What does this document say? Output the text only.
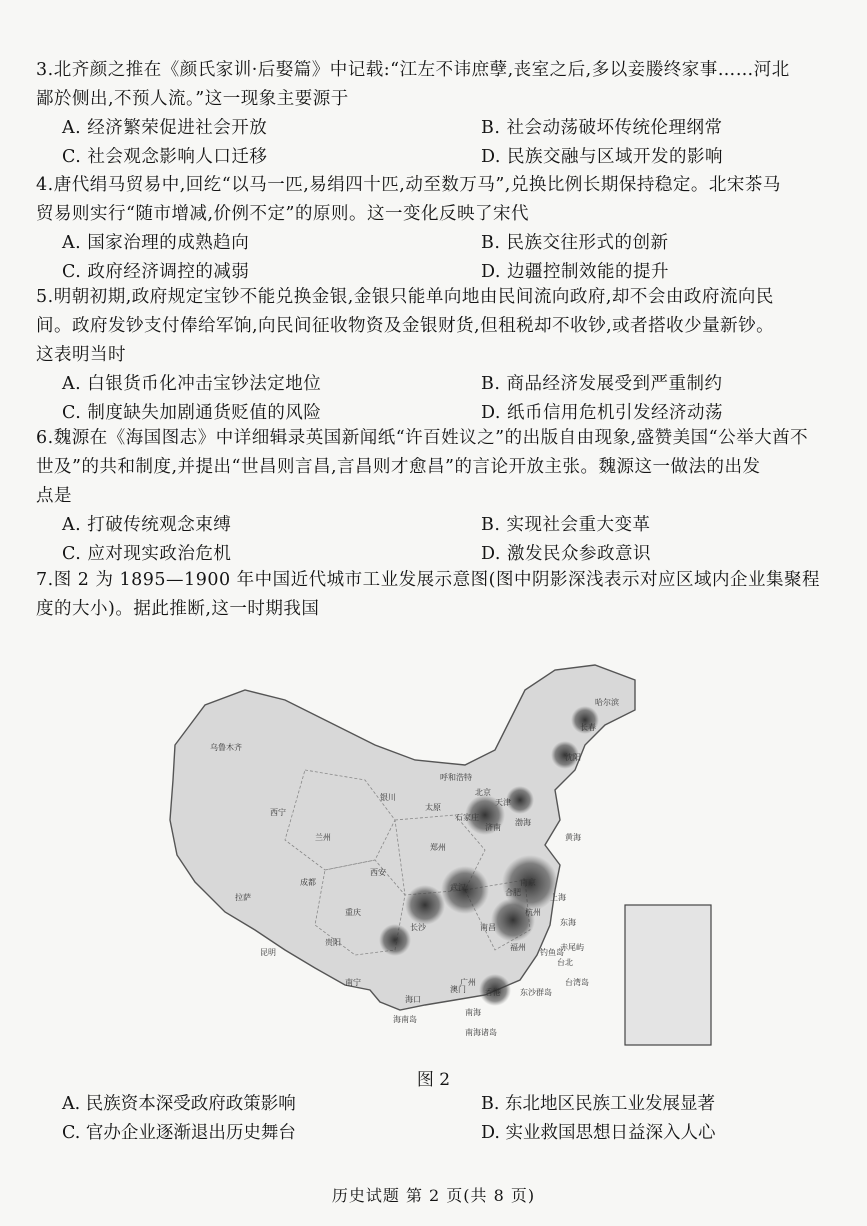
3.北齐颜之推在《颜氏家训·后娶篇》中记载:“江左不讳庶孽,丧室之后,多以妾媵终家事……河北
鄙於侧出,不预人流。”这一现象主要源于
A. 经济繁荣促进社会开放	B. 社会动荡破坏传统伦理纲常
C. 社会观念影响人口迁移	D. 民族交融与区域开发的影响
4.唐代绢马贸易中,回纥“以马一匹,易绢四十匹,动至数万马”,兑换比例长期保持稳定。北宋茶马
贸易则实行“随市增减,价例不定”的原则。这一变化反映了宋代
A. 国家治理的成熟趋向	B. 民族交往形式的创新
C. 政府经济调控的减弱	D. 边疆控制效能的提升
5.明朝初期,政府规定宝钞不能兑换金银,金银只能单向地由民间流向政府,却不会由政府流向民
间。政府发钞支付俸给军饷,向民间征收物资及金银财货,但租税却不收钞,或者搭收少量新钞。
这表明当时
A. 白银货币化冲击宝钞法定地位	B. 商品经济发展受到严重制约
C. 制度缺失加剧通货贬值的风险	D. 纸币信用危机引发经济动荡
6.魏源在《海国图志》中详细辑录英国新闻纸“许百姓议之”的出版自由现象,盛赞美国“公举大酋不
世及”的共和制度,并提出“世昌则言昌,言昌则才愈昌”的言论开放主张。魏源这一做法的出发
点是
A. 打破传统观念束缚	B. 实现社会重大变革
C. 应对现实政治危机	D. 激发民众参政意识
7.图 2 为 1895—1900 年中国近代城市工业发展示意图(图中阴影深浅表示对应区域内企业集聚程
度的大小)。据此推断,这一时期我国
乌鲁木齐
拉萨
西宁
兰州
银川
西安
成都
重庆
昆明
贵阳
南宁
长沙
武汉
郑州
济南
太原
北京
天津
沈阳
长春
哈尔滨
南京
上海
杭州
福州
广州
香港
澳门
台北
海口
东海
南海
黄海
渤海
钓鱼岛
赤尾屿
台湾岛
海南岛
东沙群岛
南海诸岛
呼和浩特
石家庄
合肥
南昌
图 2
A. 民族资本深受政府政策影响	B. 东北地区民族工业发展显著
C. 官办企业逐渐退出历史舞台	D. 实业救国思想日益深入人心
历史试题 第 2 页(共 8 页)
